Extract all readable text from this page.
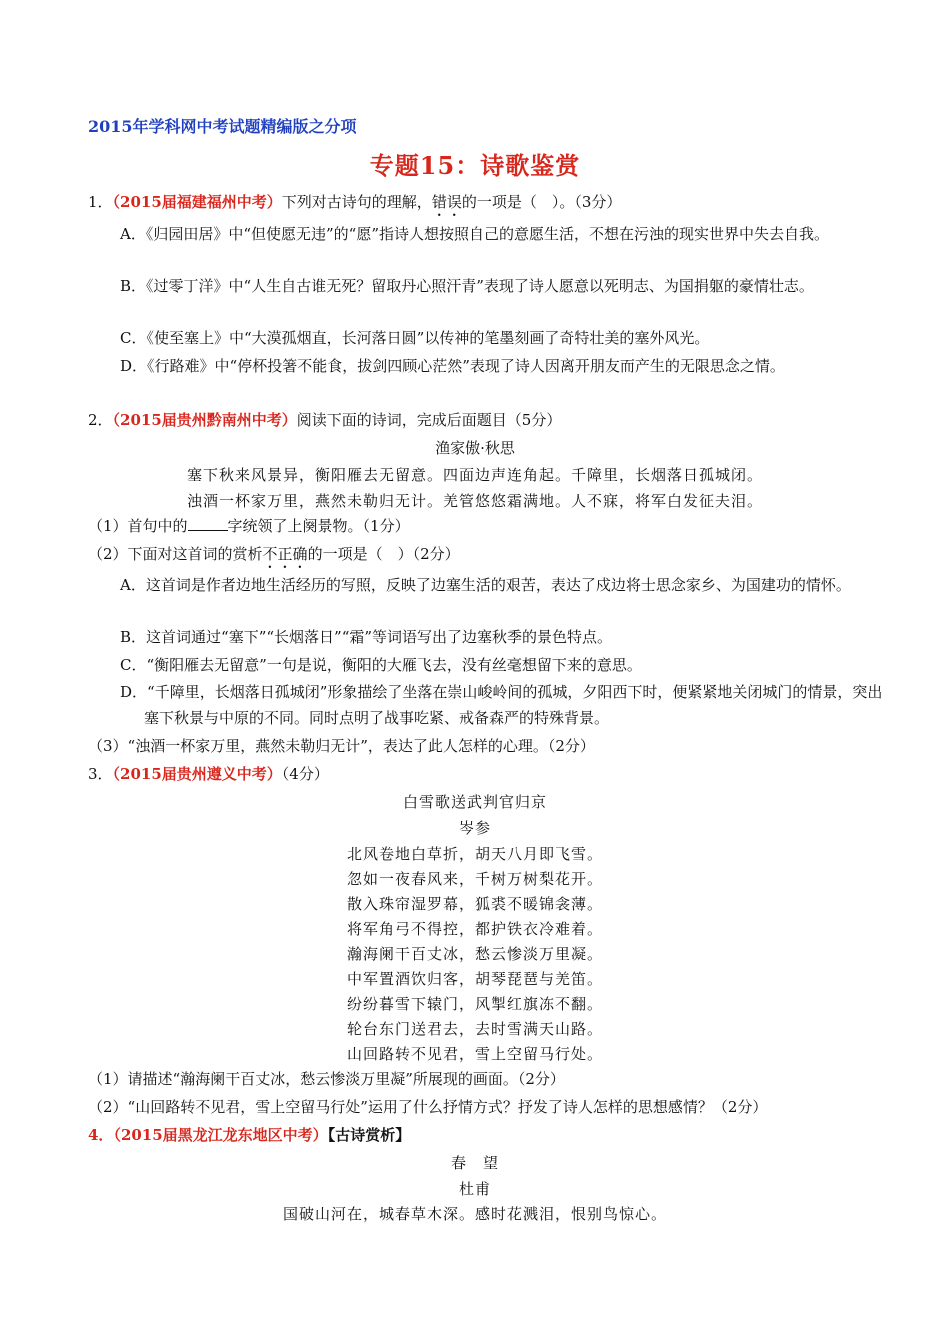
2015年学科网中考试题精编版之分项
专题15：诗歌鉴赏
1．（2015届福建福州中考）下列对古诗句的理解，错误的一项是（　）。（3分）
A．《归园田居》中“但使愿无违”的“愿”指诗人想按照自己的意愿生活，不想在污浊的现实世界中失去自我。
B．《过零丁洋》中“人生自古谁无死？留取丹心照汗青”表现了诗人愿意以死明志、为国捐躯的豪情壮志。
C．《使至塞上》中“大漠孤烟直，长河落日圆”以传神的笔墨刻画了奇特壮美的塞外风光。
D．《行路难》中“停杯投箸不能食，拔剑四顾心茫然”表现了诗人因离开朋友而产生的无限思念之情。
2．（2015届贵州黔南州中考）阅读下面的诗词，完成后面题目（5分）
渔家傲·秋思
塞下秋来风景异，衡阳雁去无留意。四面边声连角起。千障里，长烟落日孤城闭。
浊酒一杯家万里，燕然未勒归无计。羌管悠悠霜满地。人不寐，将军白发征夫泪。
（1）首句中的	字统领了上阕景物。（1分）
（2）下面对这首词的赏析不正确的一项是（　）（2分）
A．这首词是作者边地生活经历的写照，反映了边塞生活的艰苦，表达了戍边将士思念家乡、为国建功的情怀。
B．这首词通过“塞下”“长烟落日”“霜”等词语写出了边塞秋季的景色特点。
C．“衡阳雁去无留意”一句是说，衡阳的大雁飞去，没有丝毫想留下来的意思。
D．“千障里，长烟落日孤城闭”形象描绘了坐落在崇山峻岭间的孤城，夕阳西下时，便紧紧地关闭城门的情景，突出塞下秋景与中原的不同。同时点明了战事吃紧、戒备森严的特殊背景。
（3）“浊酒一杯家万里，燕然未勒归无计”，表达了此人怎样的心理。（2分）
3．（2015届贵州遵义中考）（4分）
白雪歌送武判官归京
岑参
北风卷地白草折，胡天八月即飞雪。
忽如一夜春风来，千树万树梨花开。
散入珠帘湿罗幕，狐裘不暖锦衾薄。
将军角弓不得控，都护铁衣冷难着。
瀚海阑干百丈冰，愁云惨淡万里凝。
中军置酒饮归客，胡琴琵琶与羌笛。
纷纷暮雪下辕门，风掣红旗冻不翻。
轮台东门送君去，去时雪满天山路。
山回路转不见君，雪上空留马行处。
（1）请描述“瀚海阑干百丈冰，愁云惨淡万里凝”所展现的画面。（2分）
（2）“山回路转不见君，雪上空留马行处”运用了什么抒情方式？抒发了诗人怎样的思想感情？（2分）
4．（2015届黑龙江龙东地区中考）【古诗赏析】
春　望
杜甫
国破山河在，城春草木深。感时花溅泪，恨别鸟惊心。
